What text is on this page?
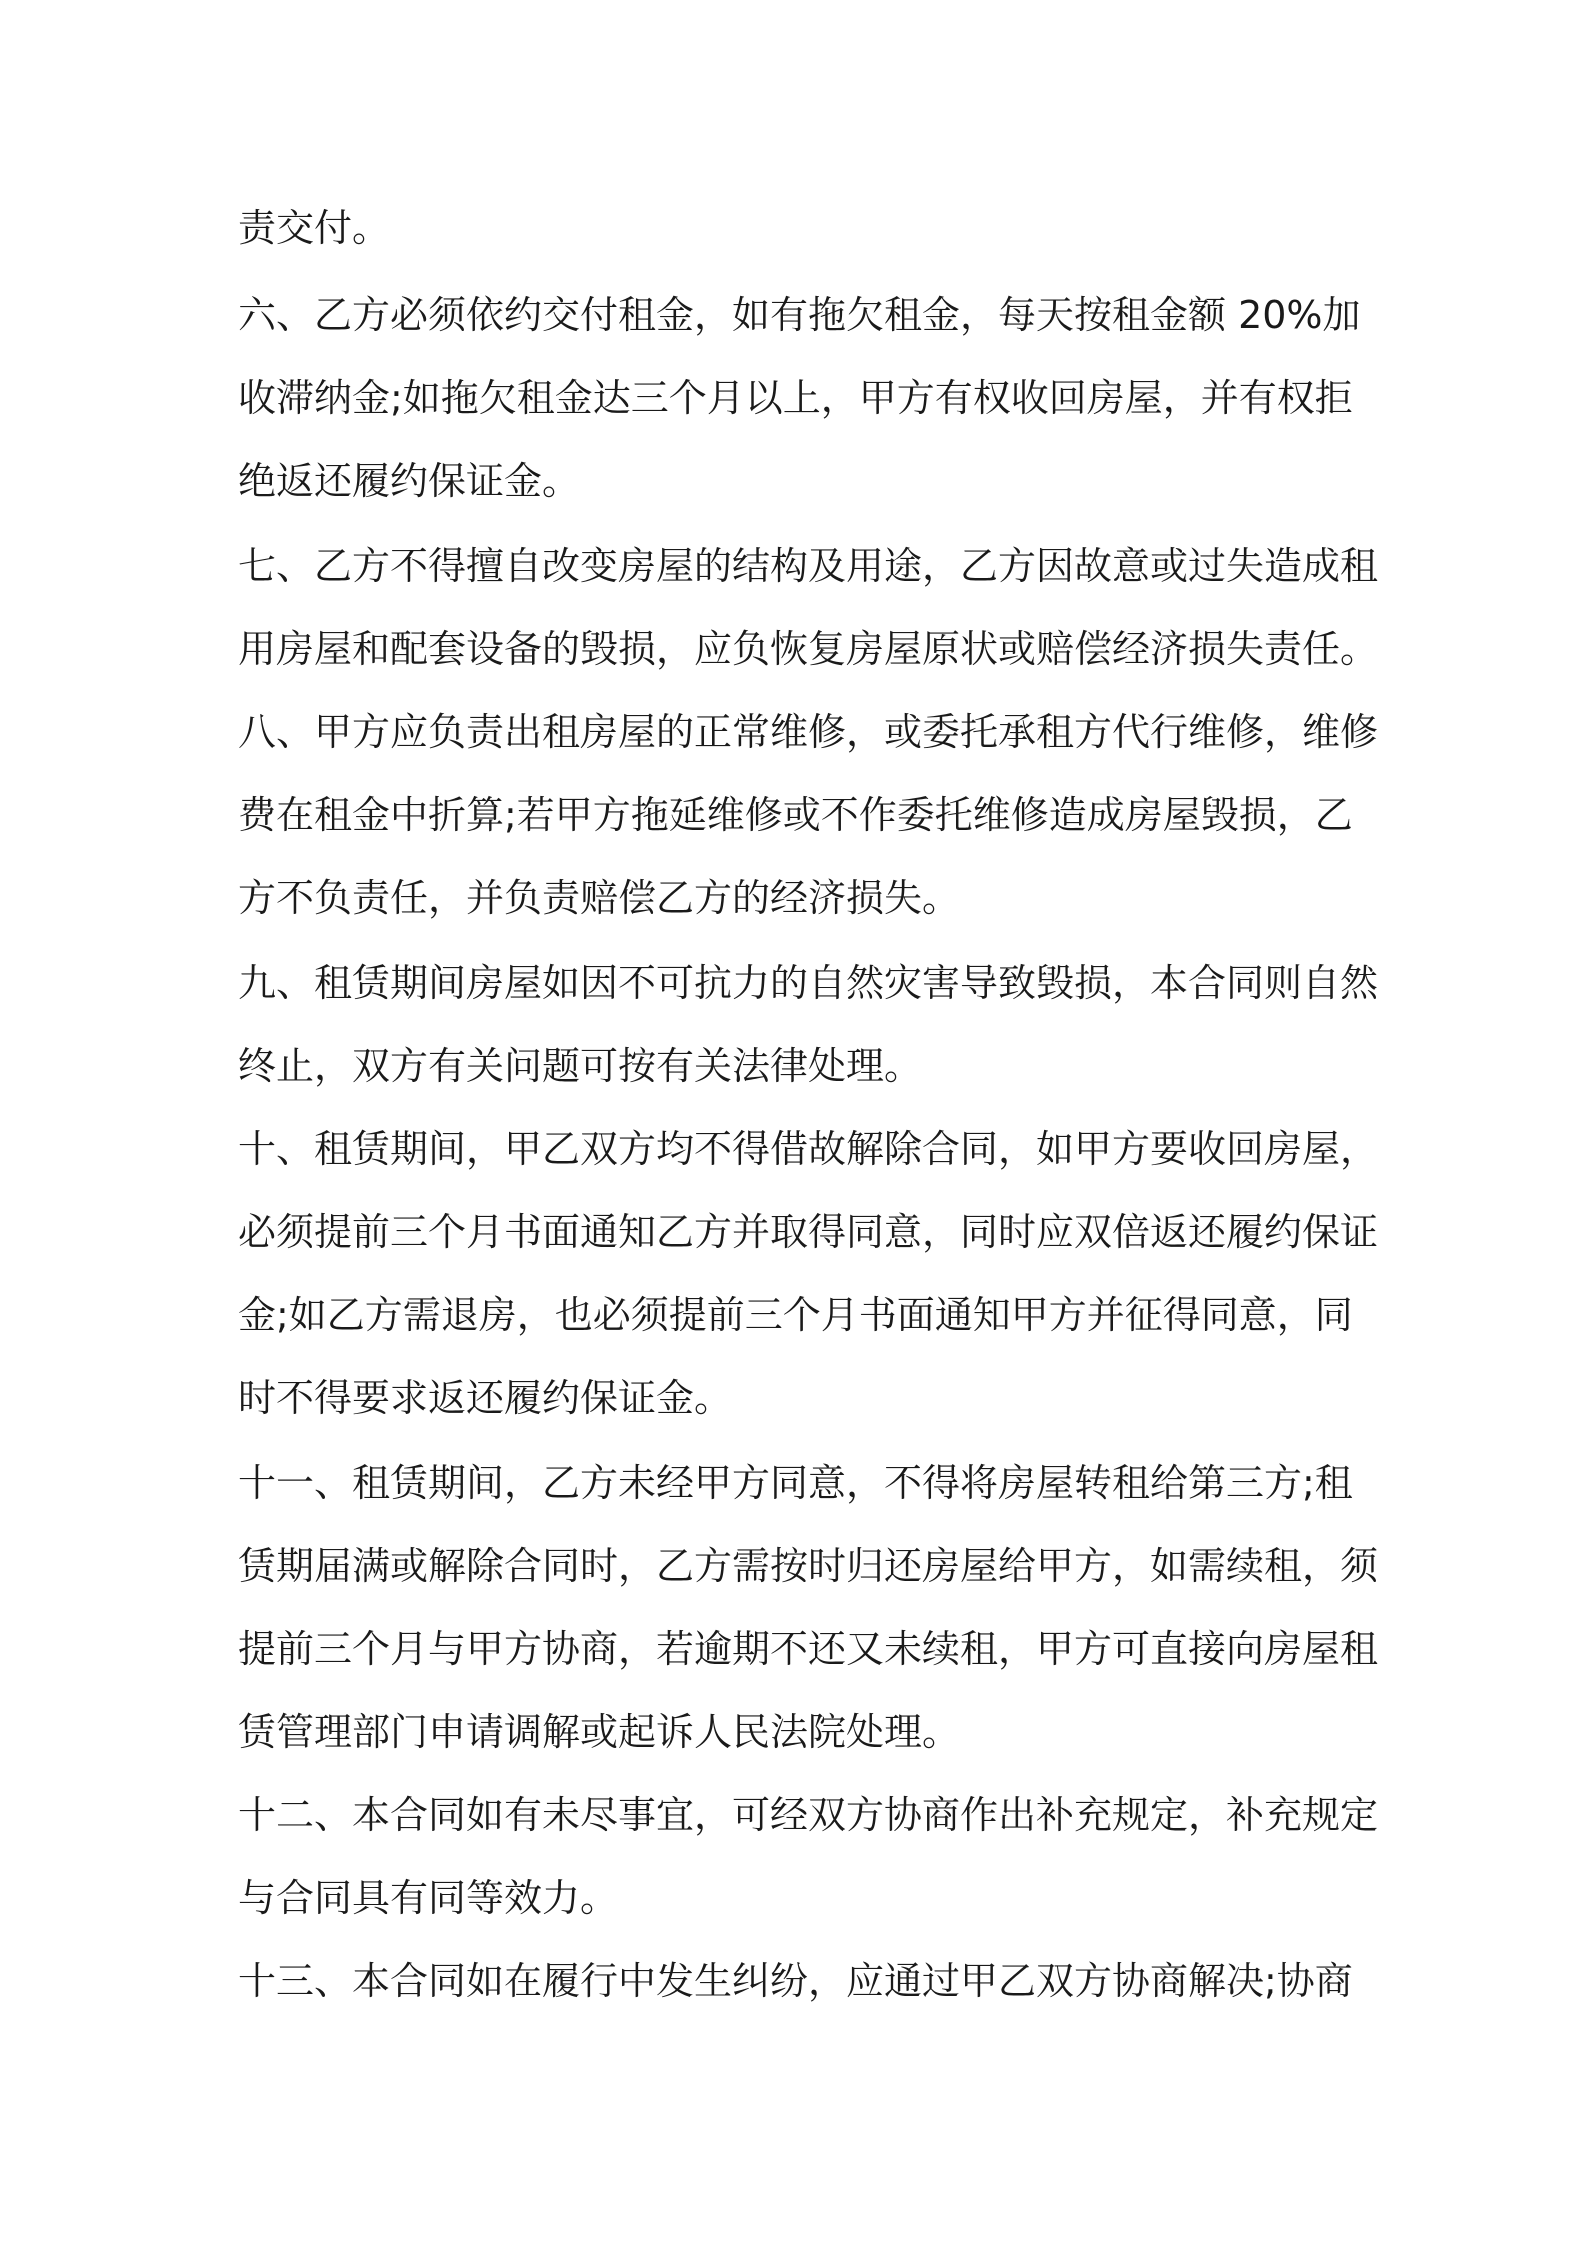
责交付。

六、乙方必须依约交付租金，如有拖欠租金，每天按租金额 20%加

收滞纳金;如拖欠租金达三个月以上，甲方有权收回房屋，并有权拒

绝返还履约保证金。

七、乙方不得擅自改变房屋的结构及用途，乙方因故意或过失造成租

用房屋和配套设备的毁损，应负恢复房屋原状或赔偿经济损失责任。

八、甲方应负责出租房屋的正常维修，或委托承租方代行维修，维修

费在租金中折算;若甲方拖延维修或不作委托维修造成房屋毁损，乙

方不负责任，并负责赔偿乙方的经济损失。

九、租赁期间房屋如因不可抗力的自然灾害导致毁损，本合同则自然

终止，双方有关问题可按有关法律处理。

十、租赁期间，甲乙双方均不得借故解除合同，如甲方要收回房屋，

必须提前三个月书面通知乙方并取得同意，同时应双倍返还履约保证

金;如乙方需退房，也必须提前三个月书面通知甲方并征得同意，同

时不得要求返还履约保证金。

十一、租赁期间，乙方未经甲方同意，不得将房屋转租给第三方;租

赁期届满或解除合同时，乙方需按时归还房屋给甲方，如需续租，须

提前三个月与甲方协商，若逾期不还又未续租，甲方可直接向房屋租

赁管理部门申请调解或起诉人民法院处理。

十二、本合同如有未尽事宜，可经双方协商作出补充规定，补充规定

与合同具有同等效力。

十三、本合同如在履行中发生纠纷，应通过甲乙双方协商解决;协商
